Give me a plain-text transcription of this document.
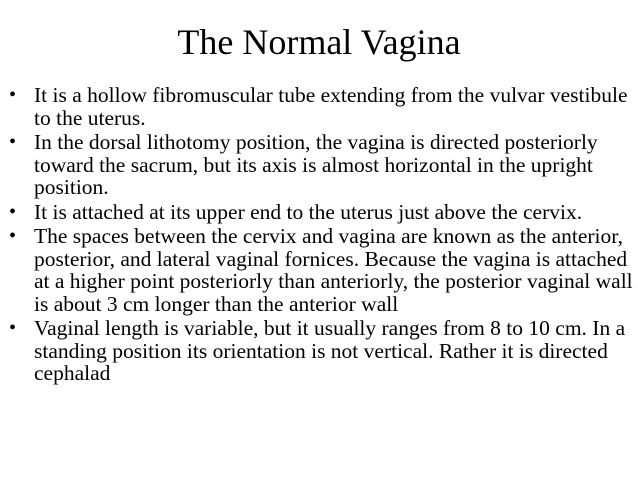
The Normal Vagina
• It is a hollow fibromuscular tube extending from the vulvar vestibule to the uterus.
• In the dorsal lithotomy position, the vagina is directed posteriorly toward the sacrum, but its axis is almost horizontal in the upright position.
• It is attached at its upper end to the uterus just above the cervix.
• The spaces between the cervix and vagina are known as the anterior, posterior, and lateral vaginal fornices. Because the vagina is attached at a higher point posteriorly than anteriorly, the posterior vaginal wall is about 3 cm longer than the anterior wall
• Vaginal length is variable, but it usually ranges from 8 to 10 cm. In a standing position its orientation is not vertical. Rather it is directed cephalad
